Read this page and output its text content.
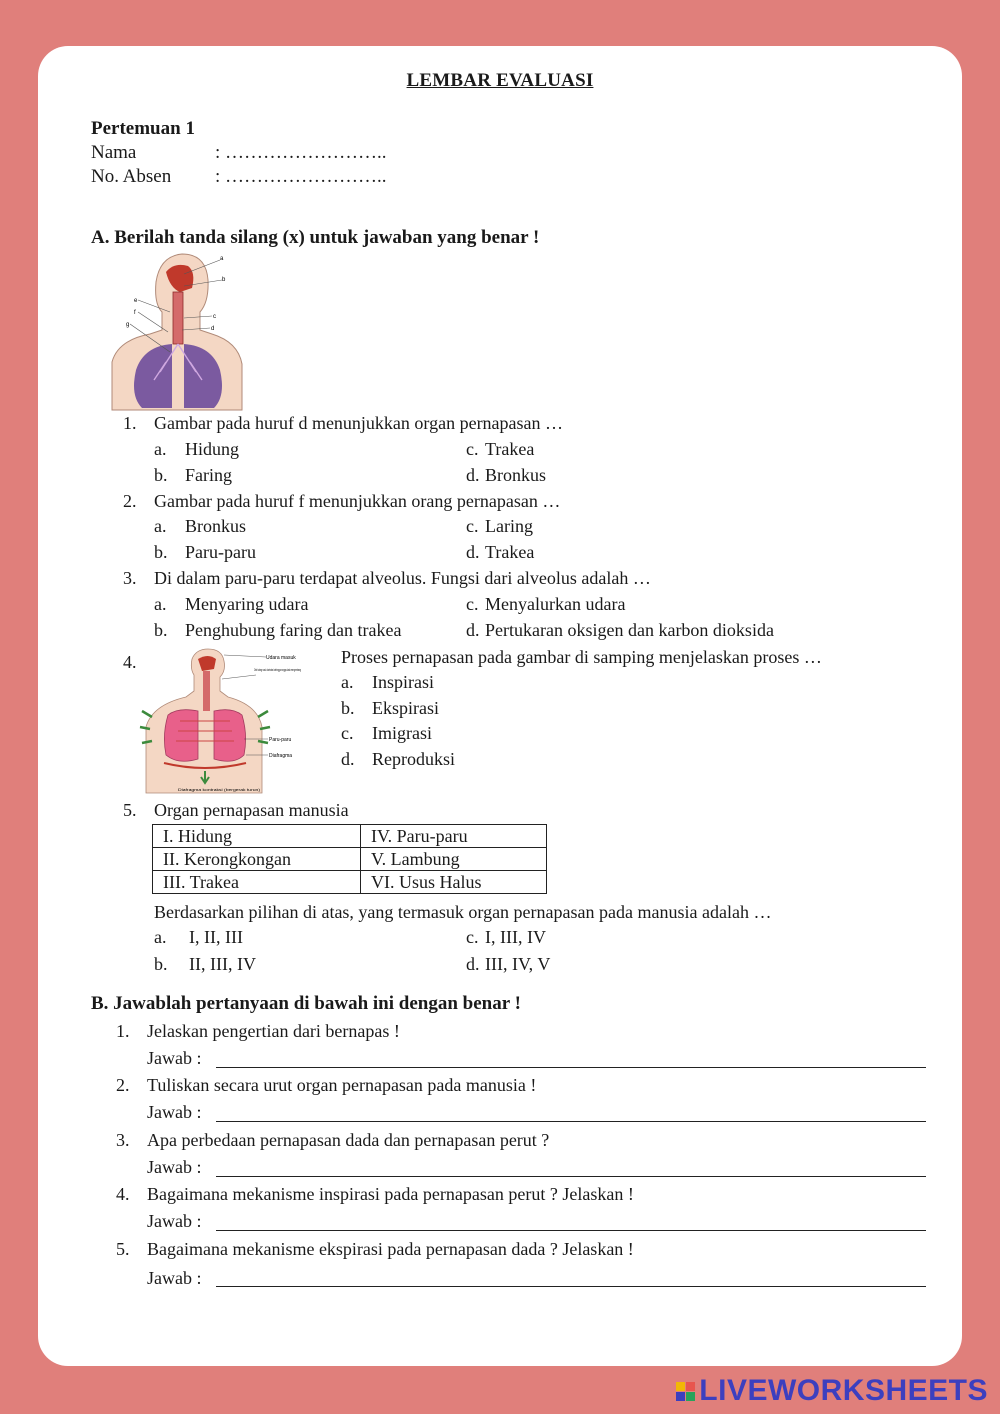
LEMBAR EVALUASI
Pertemuan 1
Nama	: ……………………..
No. Absen : ……………………..
A. Berilah tanda silang (x) untuk jawaban yang benar !
a
b
c
d
e
f
g
1. Gambar pada huruf d menunjukkan organ pernapasan …
a. Hidung
b. Faring
c. Trakea
d. Bronkus
2. Gambar pada huruf f menunjukkan orang pernapasan …
a. Bronkus
b. Paru-paru
c. Laring
d. Trakea
3. Di dalam paru-paru terdapat alveolus. Fungsi dari alveolus adalah …
a. Menyaring udara
b. Penghubung faring dan trakea
c. Menyalurkan udara
d. Pertukaran oksigen dan karbon dioksida
4.	Udara masuk
Otot tulang rusuk kontraksi sehingga rongga dada mengembang
Paru-paru
Diafragma
Diafragma kontraksi (bergerak turun)
Proses pernapasan pada gambar di samping menjelaskan proses …
a. Inspirasi
b. Ekspirasi
c. Imigrasi
d. Reproduksi
5. Organ pernapasan manusia
I. Hidung	IV. Paru-paru
II. Kerongkongan	V. Lambung
III. Trakea	VI. Usus Halus
Berdasarkan pilihan di atas, yang termasuk organ pernapasan pada manusia adalah …
a. I, II, III
b. II, III, IV
c. I, III, IV
d. III, IV, V
B. Jawablah pertanyaan di bawah ini dengan benar !
1. Jelaskan pengertian dari bernapas !
Jawab :
2. Tuliskan secara urut organ pernapasan pada manusia !
Jawab :
3. Apa perbedaan pernapasan dada dan pernapasan perut ?
Jawab :
4. Bagaimana mekanisme inspirasi pada pernapasan perut ? Jelaskan !
Jawab :
5. Bagaimana mekanisme ekspirasi pada pernapasan dada ? Jelaskan !
Jawab :
LIVEWORKSHEETS
